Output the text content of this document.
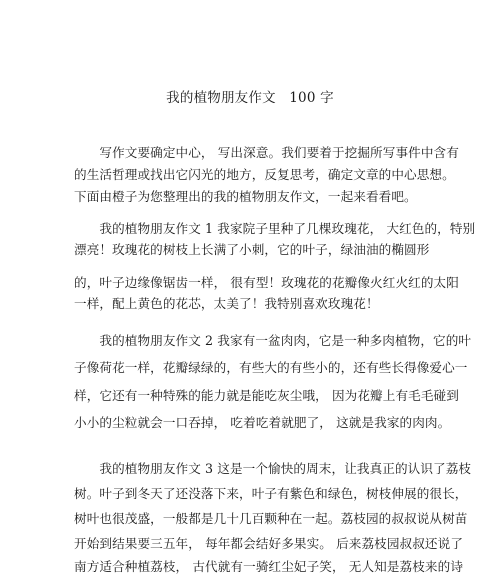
我的植物朋友作文   100 字
　　写作文要确定中心， 写出深意。我们要着于挖掘所写事件中含有
的生活哲理或找出它闪光的地方，反复思考，确定文章的中心思想。
下面由橙子为您整理出的我的植物朋友作文，一起来看看吧。
　　我的植物朋友作文 1 我家院子里种了几棵玫瑰花， 大红色的，特别
漂亮！玫瑰花的树枝上长满了小刺，它的叶子，绿油油的椭圆形
的，叶子边缘像锯齿一样， 很有型！玫瑰花的花瓣像火红火红的太阳
一样，配上黄色的花芯，太美了！我特别喜欢玫瑰花！
　　我的植物朋友作文 2 我家有一盆肉肉，它是一种多肉植物，它的叶
子像荷花一样，花瓣绿绿的，有些大的有些小的，还有些长得像爱心一
样，它还有一种特殊的能力就是能吃灰尘哦， 因为花瓣上有毛毛碰到
小小的尘粒就会一口吞掉， 吃着吃着就肥了， 这就是我家的肉肉。
　　我的植物朋友作文 3 这是一个愉快的周末，让我真正的认识了荔枝
树。叶子到冬天了还没落下来，叶子有紫色和绿色，树枝伸展的很长，
树叶也很茂盛，一般都是几十几百颗种在一起。荔枝园的叔叔说从树苗
开始到结果要三五年， 每年都会结好多果实。 后来荔枝园叔叔还说了
南方适合种植荔枝， 古代就有一骑红尘妃子笑， 无人知是荔枝来的诗
